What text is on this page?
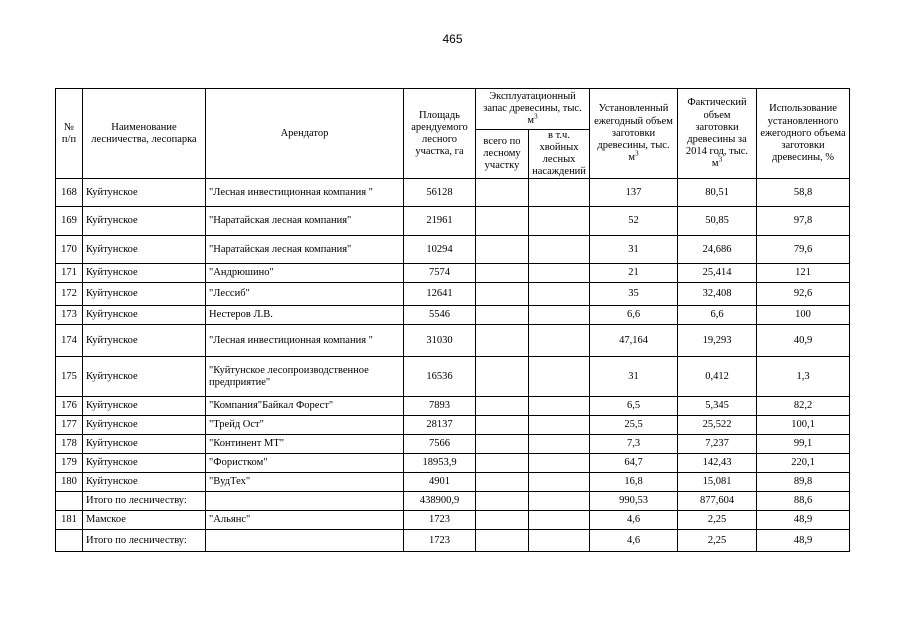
465
№ п/п	Наименование лесничества, лесопарка	Арендатор	Площадь арендуемого лесного участка, га	Эксплуатационный запас древесины, тыс. $м^3$		Установленный ежегодный объем заготовки древесины, тыс. $м^3$	Фактический объем заготовки древесины за 2014 год, тыс. $м^3$	Использование установленного ежегодного объема заготовки древесины, %
				всего по лесному участку	в т.ч. хвойных лесных насаждений			
168	Куйтунское	"Лесная инвестиционная компания "	56128			137	80,51	58,8
169	Куйтунское	"Наратайская лесная компания"	21961			52	50,85	97,8
170	Куйтунское	"Наратайская лесная компания"	10294			31	24,686	79,6
171	Куйтунское	"Андрюшино"	7574			21	25,414	121
172	Куйтунское	"Лессиб"	12641			35	32,408	92,6
173	Куйтунское	Нестеров Л.В.	5546			6,6	6,6	100
174	Куйтунское	"Лесная инвестиционная компания "	31030			47,164	19,293	40,9
175	Куйтунское	"Куйтунское лесопроизводственное предприятие"	16536			31	0,412	1,3
176	Куйтунское	"Компания"Байкал Форест"	7893			6,5	5,345	82,2
177	Куйтунское	"Трейд Ост"	28137			25,5	25,522	100,1
178	Куйтунское	"Континент МТ"	7566			7,3	7,237	99,1
179	Куйтунское	"Фористком"	18953,9			64,7	142,43	220,1
180	Куйтунское	"ВудТех"	4901			16,8	15,081	89,8
	Итого по лесничеству:		438900,9			990,53	877,604	88,6
181	Мамское	"Альянс"	1723			4,6	2,25	48,9
	Итого по лесничеству:		1723			4,6	2,25	48,9
